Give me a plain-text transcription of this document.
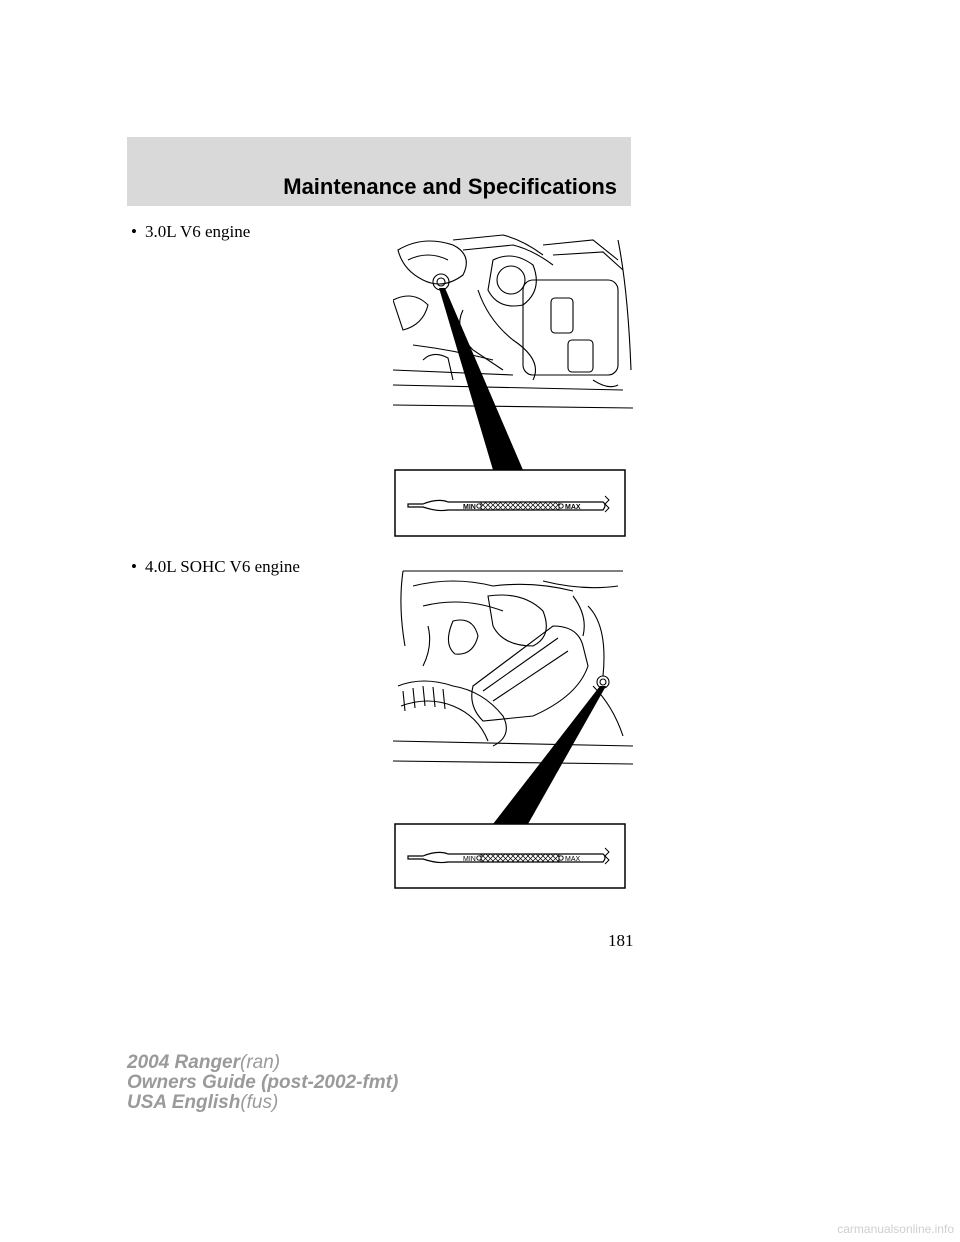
Maintenance and Specifications
• 3.0L V6 engine
MIN	MAX
• 4.0L SOHC V6 engine
MIN	MAX
181
2004 Ranger(ran)
Owners Guide (post-2002-fmt)
USA English(fus)
carmanualsonline.info
